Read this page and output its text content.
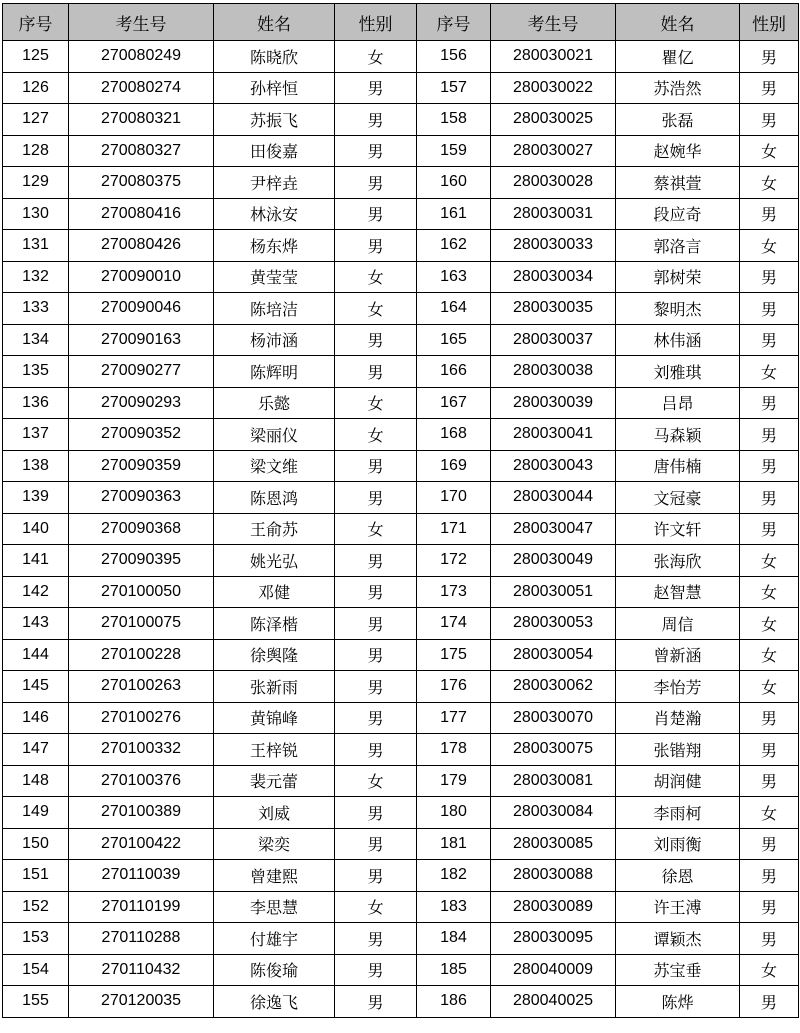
序号	考生号	姓名	性别	序号	考生号	姓名	性别
125	270080249	陈晓欣	女	156	280030021	瞿亿	男
126	270080274	孙梓恒	男	157	280030022	苏浩然	男
127	270080321	苏振飞	男	158	280030025	张磊	男
128	270080327	田俊嘉	男	159	280030027	赵婉华	女
129	270080375	尹梓垚	男	160	280030028	蔡祺萱	女
130	270080416	林泳安	男	161	280030031	段应奇	男
131	270080426	杨东烨	男	162	280030033	郭洛言	女
132	270090010	黄莹莹	女	163	280030034	郭树荣	男
133	270090046	陈培洁	女	164	280030035	黎明杰	男
134	270090163	杨沛涵	男	165	280030037	林伟涵	男
135	270090277	陈辉明	男	166	280030038	刘雅琪	女
136	270090293	乐懿	女	167	280030039	吕昂	男
137	270090352	梁丽仪	女	168	280030041	马森颖	男
138	270090359	梁文维	男	169	280030043	唐伟楠	男
139	270090363	陈恩鸿	男	170	280030044	文冠豪	男
140	270090368	王俞苏	女	171	280030047	许文轩	男
141	270090395	姚光弘	男	172	280030049	张海欣	女
142	270100050	邓健	男	173	280030051	赵智慧	女
143	270100075	陈泽楷	男	174	280030053	周信	女
144	270100228	徐舆隆	男	175	280030054	曾新涵	女
145	270100263	张新雨	男	176	280030062	李怡芳	女
146	270100276	黄锦峰	男	177	280030070	肖楚瀚	男
147	270100332	王梓锐	男	178	280030075	张锴翔	男
148	270100376	裴元蕾	女	179	280030081	胡润健	男
149	270100389	刘威	男	180	280030084	李雨柯	女
150	270100422	梁奕	男	181	280030085	刘雨衡	男
151	270110039	曾建熙	男	182	280030088	徐恩	男
152	270110199	李思慧	女	183	280030089	许王溥	男
153	270110288	付雄宇	男	184	280030095	谭颖杰	男
154	270110432	陈俊瑜	男	185	280040009	苏宝垂	女
155	270120035	徐逸飞	男	186	280040025	陈烨	男
